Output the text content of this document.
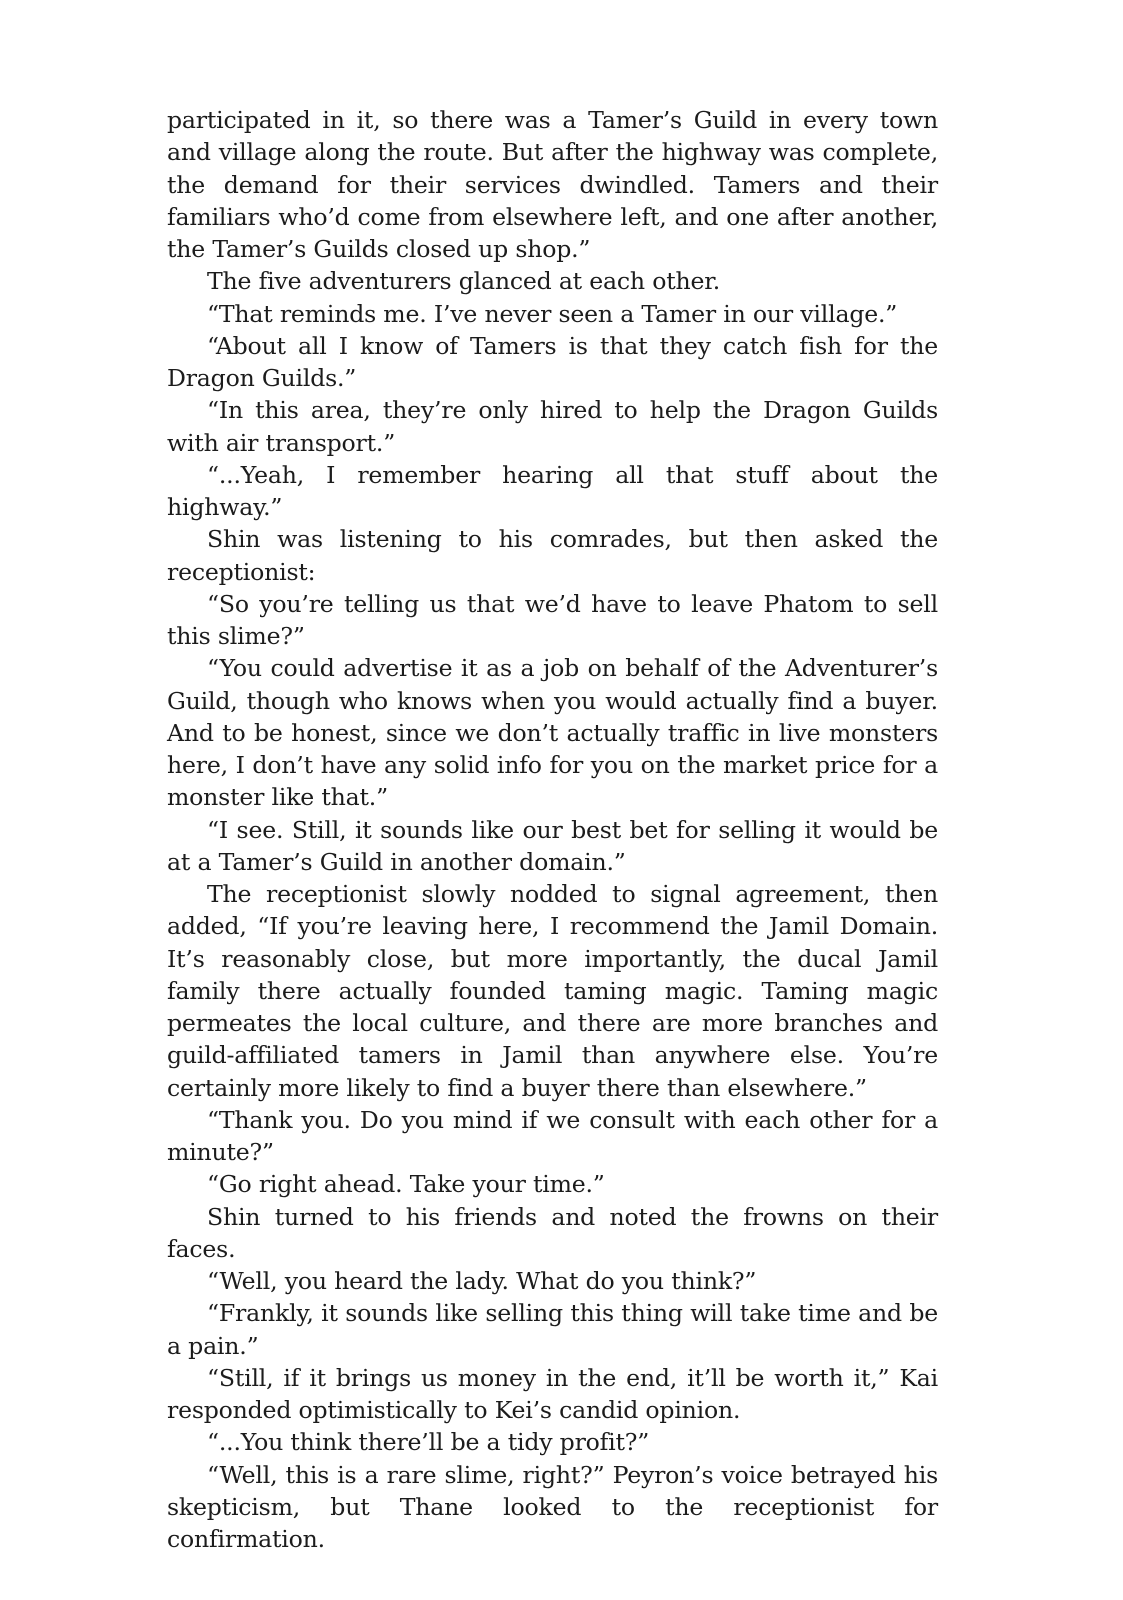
participated in it, so there was a Tamer’s Guild in every town and village along the route. But after the highway was complete, the demand for their services dwindled. Tamers and their familiars who’d come from elsewhere left, and one after another, the Tamer’s Guilds closed up shop.”

The five adventurers glanced at each other.

“That reminds me. I’ve never seen a Tamer in our village.”

“About all I know of Tamers is that they catch fish for the Dragon Guilds.”

“In this area, they’re only hired to help the Dragon Guilds with air transport.”

“...Yeah, I remember hearing all that stuff about the highway.”

Shin was listening to his comrades, but then asked the receptionist:

“So you’re telling us that we’d have to leave Phatom to sell this slime?”

“You could advertise it as a job on behalf of the Adventurer’s Guild, though who knows when you would actually find a buyer. And to be honest, since we don’t actually traffic in live monsters here, I don’t have any solid info for you on the market price for a monster like that.”

“I see. Still, it sounds like our best bet for selling it would be at a Tamer’s Guild in another domain.”

The receptionist slowly nodded to signal agreement, then added, “If you’re leaving here, I recommend the Jamil Domain. It’s reasonably close, but more importantly, the ducal Jamil family there actually founded taming magic. Taming magic permeates the local culture, and there are more branches and guild-affiliated tamers in Jamil than anywhere else. You’re certainly more likely to find a buyer there than elsewhere.”

“Thank you. Do you mind if we consult with each other for a minute?”

“Go right ahead. Take your time.”

Shin turned to his friends and noted the frowns on their faces.

“Well, you heard the lady. What do you think?”

“Frankly, it sounds like selling this thing will take time and be a pain.”

“Still, if it brings us money in the end, it’ll be worth it,” Kai responded optimistically to Kei’s candid opinion.

“...You think there’ll be a tidy profit?”

“Well, this is a rare slime, right?” Peyron’s voice betrayed his skepticism, but Thane looked to the receptionist for confirmation.
